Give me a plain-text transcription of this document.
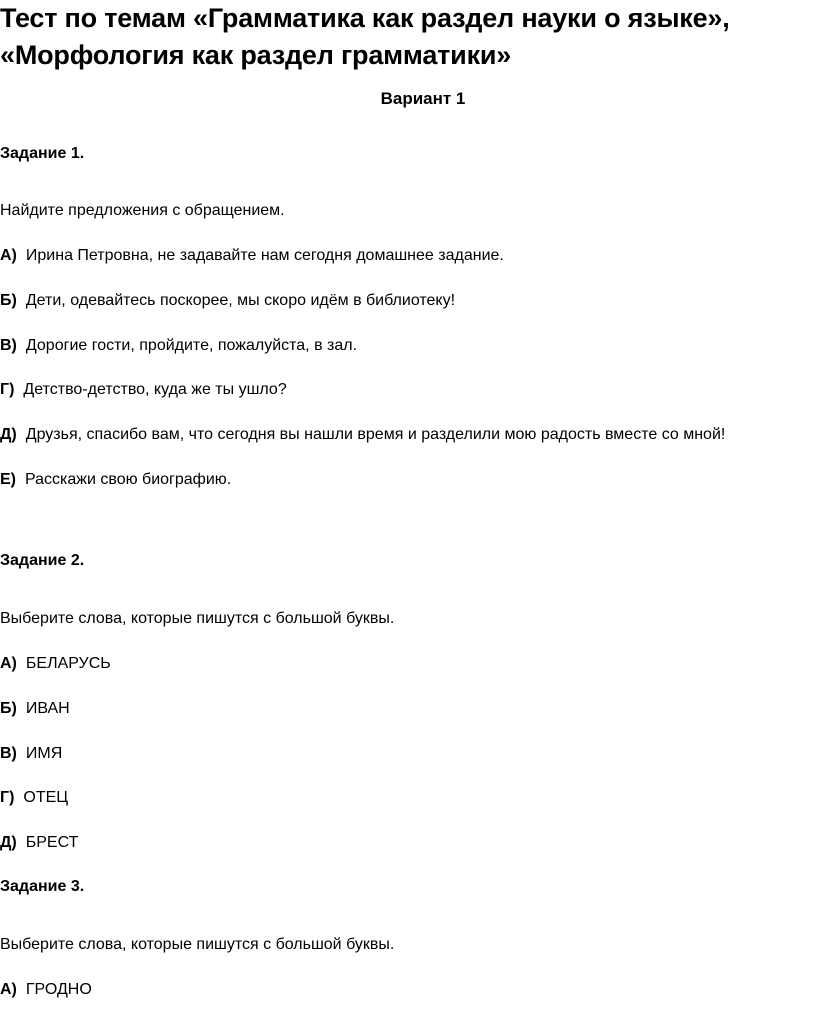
Тест по темам «Грамматика как раздел науки о языке»,
«Морфология как раздел грамматики»

Вариант 1

Задание 1.

Найдите предложения с обращением.

А) Ирина Петровна, не задавайте нам сегодня домашнее задание.

Б) Дети, одевайтесь поскорее, мы скоро идём в библиотеку!

В) Дорогие гости, пройдите, пожалуйста, в зал.

Г) Детство-детство, куда же ты ушло?

Д) Друзья, спасибо вам, что сегодня вы нашли время и разделили мою радость вместе со мной!

Е) Расскажи свою биографию.

Задание 2.

Выберите слова, которые пишутся с большой буквы.

А) БЕЛАРУСЬ

Б) ИВАН

В) ИМЯ

Г) ОТЕЦ

Д) БРЕСТ

Задание 3.

Выберите слова, которые пишутся с большой буквы.

А) ГРОДНО
